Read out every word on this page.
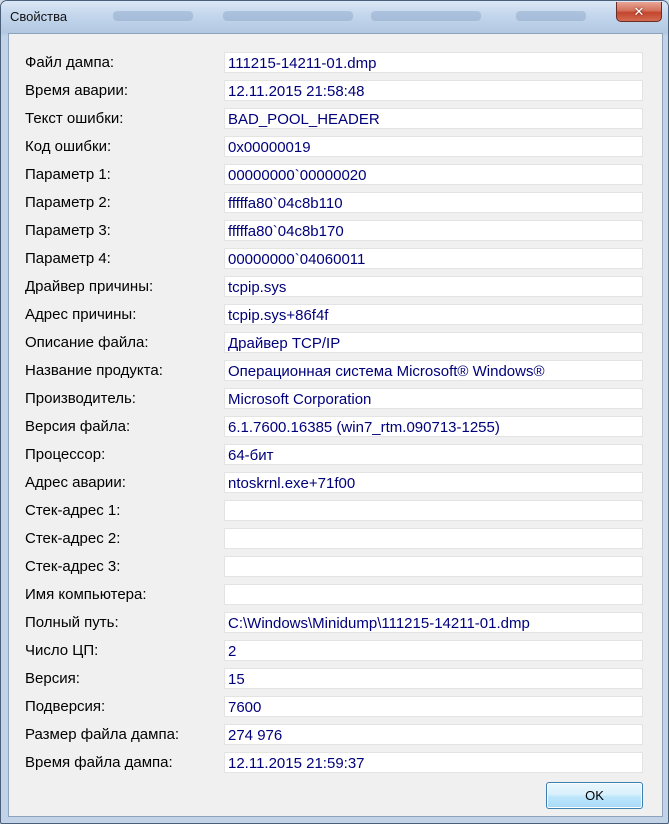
Свойства	✕
Файл дампа:	111215-14211-01.dmp
Время аварии:	12.11.2015 21:58:48
Текст ошибки:	BAD_POOL_HEADER
Код ошибки:	0x00000019
Параметр 1:	00000000`00000020
Параметр 2:	fffffa80`04c8b110
Параметр 3:	fffffa80`04c8b170
Параметр 4:	00000000`04060011
Драйвер причины:	tcpip.sys
Адрес причины:	tcpip.sys+86f4f
Описание файла:	Драйвер TCP/IP
Название продукта:	Операционная система Microsoft® Windows®
Производитель:	Microsoft Corporation
Версия файла:	6.1.7600.16385 (win7_rtm.090713-1255)
Процессор:	64-бит
Адрес аварии:	ntoskrnl.exe+71f00
Стек-адрес 1:
Стек-адрес 2:
Стек-адрес 3:
Имя компьютера:
Полный путь:	C:\Windows\Minidump\111215-14211-01.dmp
Число ЦП:	2
Версия:	15
Подверсия:	7600
Размер файла дампа:	274 976
Время файла дампа:	12.11.2015 21:59:37
OK
